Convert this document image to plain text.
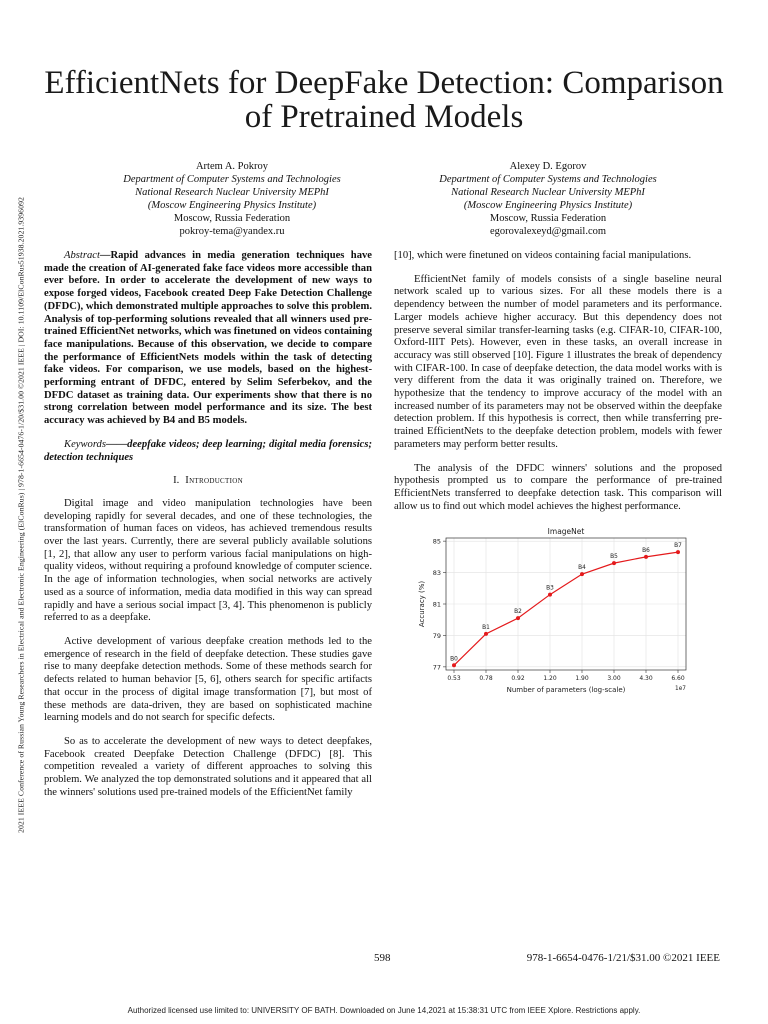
2021 IEEE Conference of Russian Young Researchers in Electrical and Electronic Engineering (ElConRus) | 978-1-6654-0476-1/20/$31.00 ©2021 IEEE | DOI: 10.1109/ElConRus51938.2021.9396092
EfficientNets for DeepFake Detection: Comparison of Pretrained Models
Artem A. Pokroy
Department of Computer Systems and Technologies
National Research Nuclear University MEPhI
(Moscow Engineering Physics Institute)
Moscow, Russia Federation
pokroy-tema@yandex.ru
Alexey D. Egorov
Department of Computer Systems and Technologies
National Research Nuclear University MEPhI
(Moscow Engineering Physics Institute)
Moscow, Russia Federation
egorovalexeyd@gmail.com

Abstract—Rapid advances in media generation techniques have made the creation of AI-generated fake face videos more accessible than ever before. In order to accelerate the development of new ways to expose forged videos, Facebook created Deep Fake Detection Challenge (DFDC), which demonstrated multiple approaches to solve this problem. Analysis of top-performing solutions revealed that all winners used pre-trained EfficientNet networks, which was finetuned on videos containing face manipulations. Because of this observation, we decide to compare the performance of EfficientNets models within the task of detecting fake videos. For comparison, we use models, based on the highest-performing entrant of DFDC, entered by Selim Seferbekov, and the DFDC dataset as training data. Our experiments show that there is no strong correlation between model performance and its size. The best accuracy was achieved by B4 and B5 models.

Keywords——deepfake videos; deep learning; digital media forensics; detection techniques

I. Introduction

Digital image and video manipulation technologies have been developing rapidly for several decades, and one of these technologies, the transformation of human faces on videos, has achieved tremendous results over the last years. Currently, there are several publicly available solutions [1, 2], that allow any user to perform various facial manipulations on high-quality videos, without requiring a profound knowledge of computer science. In the age of information technologies, when social networks are actively used as a source of information, media data modified in this way can spread rapidly and have a serious social impact [3, 4]. This phenomenon is publicly referred to as a deepfake.

Active development of various deepfake creation methods led to the emergence of research in the field of deepfake detection. These studies gave rise to many deepfake detection methods. Some of these methods search for defects related to human behavior [5, 6], others search for specific artifacts that occur in the process of digital image transformation [7], but most of these methods are data-driven, they are based on sophisticated machine learning models and do not search for specific defects.

So as to accelerate the development of new ways to detect deepfakes, Facebook created Deepfake Detection Challenge (DFDC) [8]. This competition revealed a variety of different approaches to solving this problem. We analyzed the top demonstrated solutions and it appeared that all the winners' solutions used pre-trained models of the EfficientNet family

[10], which were finetuned on videos containing facial manipulations.

EfficientNet family of models consists of a single baseline neural network scaled up to various sizes. For all these models there is a dependency between the number of model parameters and its performance. Larger models achieve higher accuracy. But this dependency does not preserve several similar transfer-learning tasks (e.g. CIFAR-10, CIFAR-100, Oxford-IIIT Pets). However, even in these tasks, an overall increase in accuracy was still observed [10]. Figure 1 illustrates the break of dependency with CIFAR-100. In case of deepfake detection, the data model works with is very different from the data it was originally trained on. Therefore, we hypothesize that the tendency to improve accuracy of the model with an increased number of its parameters may not be observed within the deepfake detection problem. If this hypothesis is correct, then while transferring pre-trained EfficientNets to the deepfake detection problem, models with fewer parameters may perform better results.

The analysis of the DFDC winners' solutions and the proposed hypothesis prompted us to compare the performance of pre-trained EfficientNets transferred to deepfake detection task. This comparison will allow us to find out which model achieves the highest performance.

77
79
81
83
85
0.53	0.78	0.92	1.20	1.90	3.00	4.30	6.60
B0
B1
B2
B3
B4
B5
B6
B7
ImageNet
Number of parameters (log-scale)	1e7
Accuracy (%)
598	978-1-6654-0476-1/21/$31.00 ©2021 IEEE
Authorized licensed use limited to: UNIVERSITY OF BATH. Downloaded on June 14,2021 at 15:38:31 UTC from IEEE Xplore. Restrictions apply.
